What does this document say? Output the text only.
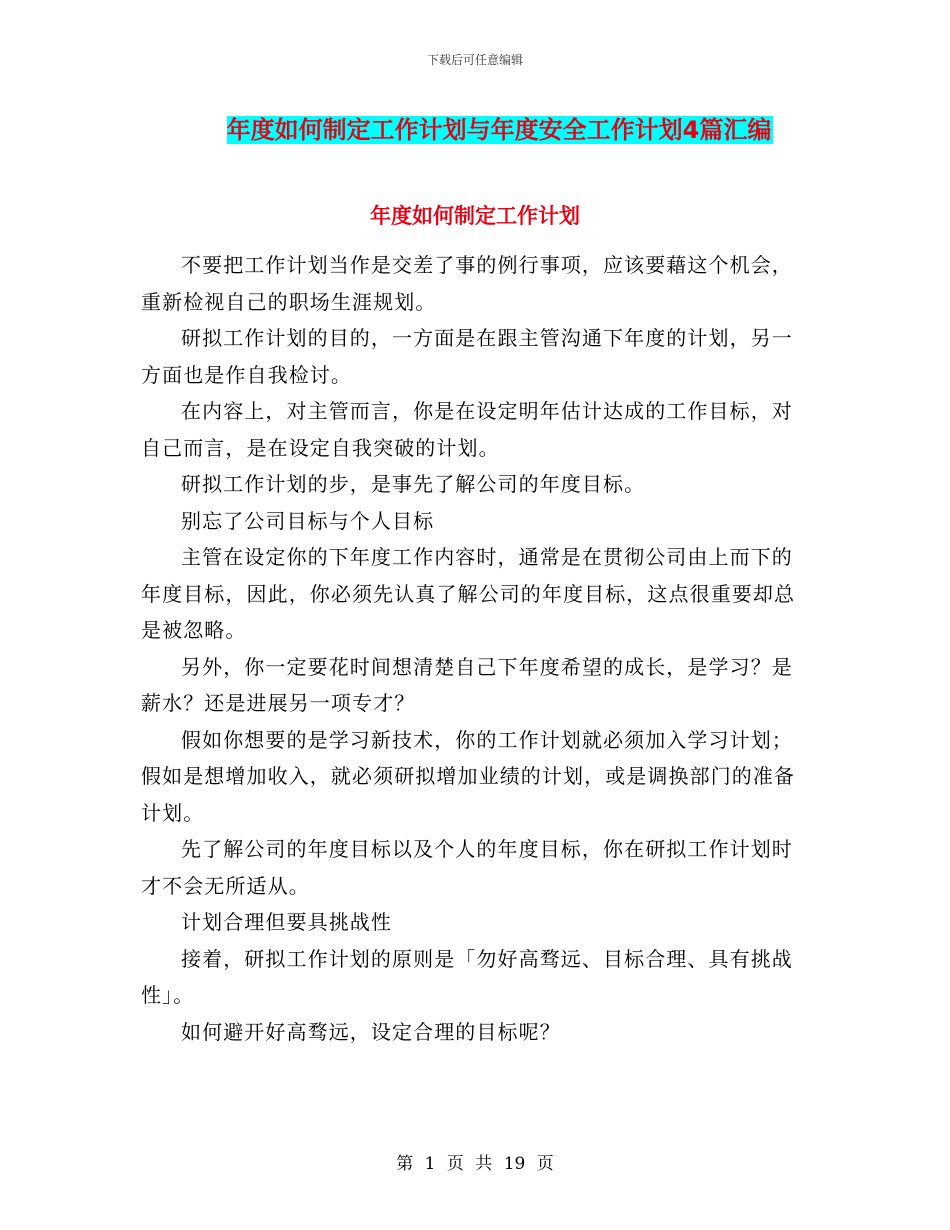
下载后可任意编辑
年度如何制定工作计划与年度安全工作计划4篇汇编
年度如何制定工作计划

不要把工作计划当作是交差了事的例行事项，应该要藉这个机会，重新检视自己的职场生涯规划。

研拟工作计划的目的，一方面是在跟主管沟通下年度的计划，另一方面也是作自我检讨。

在内容上，对主管而言，你是在设定明年估计达成的工作目标，对自己而言，是在设定自我突破的计划。

研拟工作计划的步，是事先了解公司的年度目标。

别忘了公司目标与个人目标

主管在设定你的下年度工作内容时，通常是在贯彻公司由上而下的年度目标，因此，你必须先认真了解公司的年度目标，这点很重要却总是被忽略。

另外，你一定要花时间想清楚自己下年度希望的成长，是学习？是薪水？还是进展另一项专才？

假如你想要的是学习新技术，你的工作计划就必须加入学习计划；假如是想增加收入，就必须研拟增加业绩的计划，或是调换部门的准备计划。

先了解公司的年度目标以及个人的年度目标，你在研拟工作计划时才不会无所适从。

计划合理但要具挑战性

接着，研拟工作计划的原则是「勿好高骛远、目标合理、具有挑战性」。

如何避开好高骛远，设定合理的目标呢？

第 1 页 共 19 页
